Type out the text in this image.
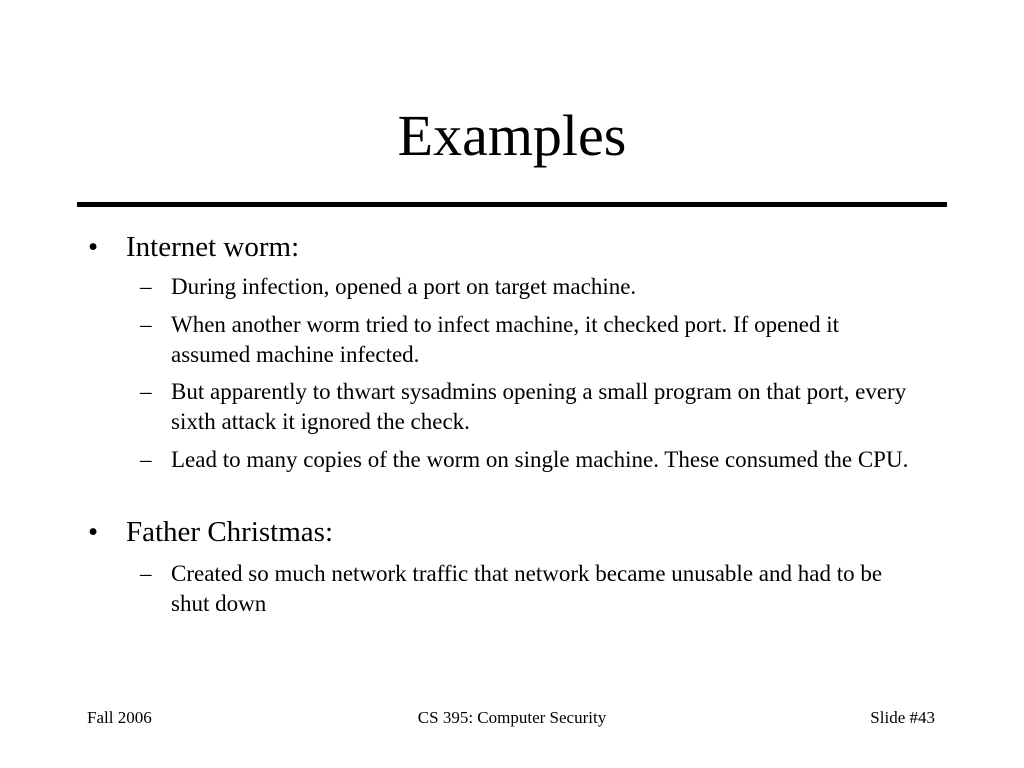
Examples
• Internet worm:
– During infection, opened a port on target machine.
– When another worm tried to infect machine, it checked port. If opened it assumed machine infected.
– But apparently to thwart sysadmins opening a small program on that port, every sixth attack it ignored the check.
– Lead to many copies of the worm on single machine. These consumed the CPU.
• Father Christmas:
– Created so much network traffic that network became unusable and had to be shut down
Fall 2006	CS 395: Computer Security	Slide #43
